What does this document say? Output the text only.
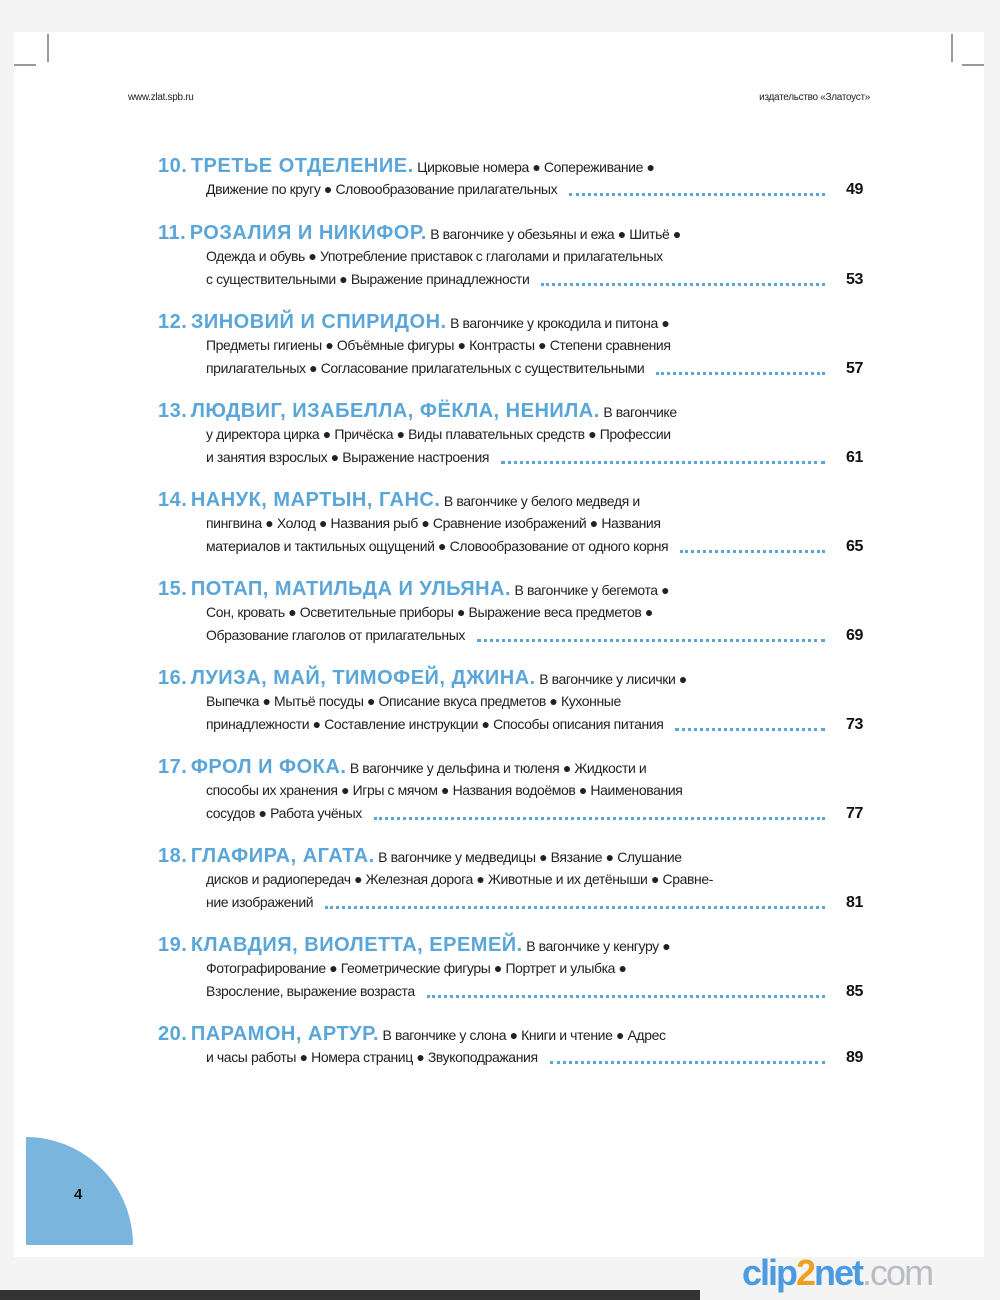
www.zlat.spb.ru	издательство «Златоуст»
10. ТРЕТЬЕ ОТДЕЛЕНИЕ. Цирковые номера ● Сопереживание ●
Движение по кругу ● Словообразование прилагательных	49
11. РОЗАЛИЯ И НИКИФОР. В вагончике у обезьяны и ежа ● Шитьё ●
Одежда и обувь ● Употребление приставок с глаголами и прилагательных
с существительными ● Выражение принадлежности	53
12. ЗИНОВИЙ И СПИРИДОН. В вагончике у крокодила и питона ●
Предметы гигиены ● Объёмные фигуры ● Контрасты ● Степени сравнения
прилагательных ● Согласование прилагательных с существительными	57
13. ЛЮДВИГ, ИЗАБЕЛЛА, ФЁКЛА, НЕНИЛА. В вагончике
у директора цирка ● Причёска ● Виды плавательных средств ● Профессии
и занятия взрослых ● Выражение настроения	61
14. НАНУК, МАРТЫН, ГАНС. В вагончике у белого медведя и
пингвина ● Холод ● Названия рыб ● Сравнение изображений ● Названия
материалов и тактильных ощущений ● Словообразование от одного корня	65
15. ПОТАП, МАТИЛЬДА И УЛЬЯНА. В вагончике у бегемота ●
Сон, кровать ● Осветительные приборы ● Выражение веса предметов ●
Образование глаголов от прилагательных	69
16. ЛУИЗА, МАЙ, ТИМОФЕЙ, ДЖИНА. В вагончике у лисички ●
Выпечка ● Мытьё посуды ● Описание вкуса предметов ● Кухонные
принадлежности ● Составление инструкции ● Способы описания питания	73
17. ФРОЛ И ФОКА. В вагончике у дельфина и тюленя ● Жидкости и
способы их хранения ● Игры с мячом ● Названия водоёмов ● Наименования
сосудов ● Работа учёных	77
18. ГЛАФИРА, АГАТА. В вагончике у медведицы ● Вязание ● Слушание
дисков и радиопередач ● Железная дорога ● Животные и их детёныши ● Сравне-
ние изображений	81
19. КЛАВДИЯ, ВИОЛЕТТА, ЕРЕМЕЙ. В вагончике у кенгуру ●
Фотографирование ● Геометрические фигуры ● Портрет и улыбка ●
Взросление, выражение возраста	85
20. ПАРАМОН, АРТУР. В вагончике у слона ● Книги и чтение ● Адрес
и часы работы ● Номера страниц ● Звукоподражания	89
4
clip2net.com
